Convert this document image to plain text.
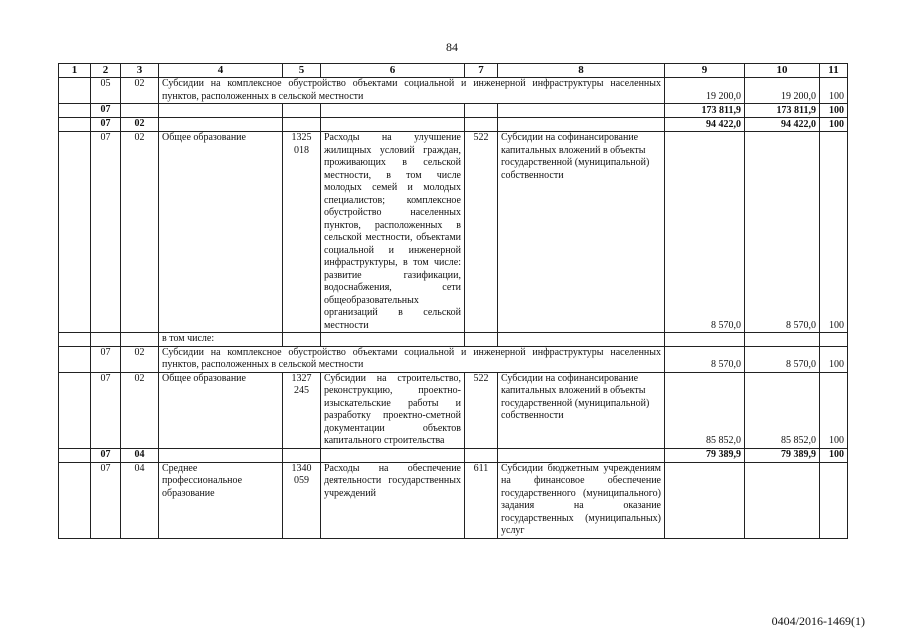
84
1	2	3	4	5	6	7	8	9	10	11
	05	02	Субсидии на комплексное обустройство объектами социальной и инженерной инфраструктуры населенных пунктов, расположенных в сельской местности					19 200,0	19 200,0	100
	07							173 811,9	173 811,9	100
	07	02						94 422,0	94 422,0	100
	07	02	Общее образование	1325 018	Расходы на улучшение жилищных условий граждан, проживающих в сельской местности, в том числе молодых семей и молодых специалистов; комплексное обустройство населенных пунктов, расположенных в сельской местности, объектами социальной и инженерной инфраструктуры, в том числе: развитие газификации, водоснабжения, сети общеобразовательных организаций в сельской местности	522	Субсидии на софинансирование капитальных вложений в объекты государственной (муниципальной) собственности	8 570,0	8 570,0	100
			в том числе:							
	07	02	Субсидии на комплексное обустройство объектами социальной и инженерной инфраструктуры населенных пунктов, расположенных в сельской местности					8 570,0	8 570,0	100
	07	02	Общее образование	1327 245	Субсидии на строительство, реконструкцию, проектно-изыскательские работы и разработку проектно-сметной документации объектов капитального строительства	522	Субсидии на софинансирование капитальных вложений в объекты государственной (муниципальной) собственности	85 852,0	85 852,0	100
	07	04						79 389,9	79 389,9	100
	07	04	Среднее профессиональное образование	1340 059	Расходы на обеспечение деятельности государственных учреждений	611	Субсидии бюджетным учреждениям на финансовое обеспечение государственного (муниципального) задания на оказание государственных (муниципальных) услуг			
0404/2016-1469(1)
